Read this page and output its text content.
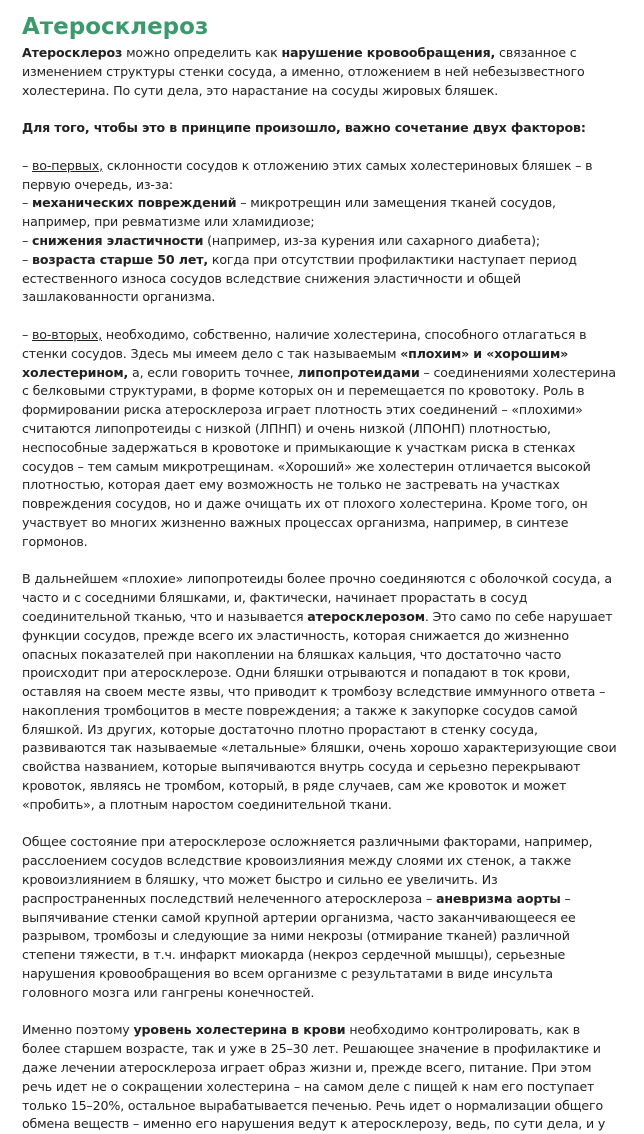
Атеросклероз

Атеросклероз можно определить как нарушение кровообращения, связанное с изменением структуры стенки сосуда, а именно, отложением в ней небезызвестного холестерина. По сути дела, это нарастание на сосуды жировых бляшек.

Для того, чтобы это в принципе произошло, важно сочетание двух факторов:

– во-первых, склонности сосудов к отложению этих самых холестериновых бляшек – в первую очередь, из-за:
– механических повреждений – микротрещин или замещения тканей сосудов, например, при ревматизме или хламидиозе;
– снижения эластичности (например, из-за курения или сахарного диабета);
– возраста старше 50 лет, когда при отсутствии профилактики наступает период естественного износа сосудов вследствие снижения эластичности и общей зашлакованности организма.

– во-вторых, необходимо, собственно, наличие холестерина, способного отлагаться в стенки сосудов. Здесь мы имеем дело с так называемым «плохим» и «хорошим» холестерином, а, если говорить точнее, липопротеидами – соединениями холестерина с белковыми структурами, в форме которых он и перемещается по кровотоку. Роль в формировании риска атеросклероза играет плотность этих соединений – «плохими» считаются липопротеиды с низкой (ЛПНП) и очень низкой (ЛПОНП) плотностью, неспособные задержаться в кровотоке и примыкающие к участкам риска в стенках сосудов – тем самым микротрещинам. «Хороший» же холестерин отличается высокой плотностью, которая дает ему возможность не только не застревать на участках повреждения сосудов, но и даже очищать их от плохого холестерина. Кроме того, он участвует во многих жизненно важных процессах организма, например, в синтезе гормонов.

В дальнейшем «плохие» липопротеиды более прочно соединяются с оболочкой сосуда, а часто и с соседними бляшками, и, фактически, начинает прорастать в сосуд соединительной тканью, что и называется атеросклерозом. Это само по себе нарушает функции сосудов, прежде всего их эластичность, которая снижается до жизненно опасных показателей при накоплении на бляшках кальция, что достаточно часто происходит при атеросклерозе. Одни бляшки отрываются и попадают в ток крови, оставляя на своем месте язвы, что приводит к тромбозу вследствие иммунного ответа – накопления тромбоцитов в месте повреждения; а также к закупорке сосудов самой бляшкой. Из других, которые достаточно плотно прорастают в стенку сосуда, развиваются так называемые «летальные» бляшки, очень хорошо характеризующие свои свойства названием, которые выпячиваются внутрь сосуда и серьезно перекрывают кровоток, являясь не тромбом, который, в ряде случаев, сам же кровоток и может «пробить», а плотным наростом соединительной ткани.

Общее состояние при атеросклерозе осложняется различными факторами, например, расслоением сосудов вследствие кровоизлияния между слоями их стенок, а также кровоизлиянием в бляшку, что может быстро и сильно ее увеличить. Из распространенных последствий нелеченного атеросклероза – аневризма аорты – выпячивание стенки самой крупной артерии организма, часто заканчивающееся ее разрывом, тромбозы и следующие за ними некрозы (отмирание тканей) различной степени тяжести, в т.ч. инфаркт миокарда (некроз сердечной мышцы), серьезные нарушения кровообращения во всем организме с результатами в виде инсульта головного мозга или гангрены конечностей.

Именно поэтому уровень холестерина в крови необходимо контролировать, как в более старшем возрасте, так и уже в 25–30 лет. Решающее значение в профилактике и даже лечении атеросклероза играет образ жизни и, прежде всего, питание. При этом речь идет не о сокращении холестерина – на самом деле с пищей к нам его поступает только 15–20%, остальное вырабатывается печенью. Речь идет о нормализации общего обмена веществ – именно его нарушения ведут к атеросклерозу, ведь, по сути дела, и у
